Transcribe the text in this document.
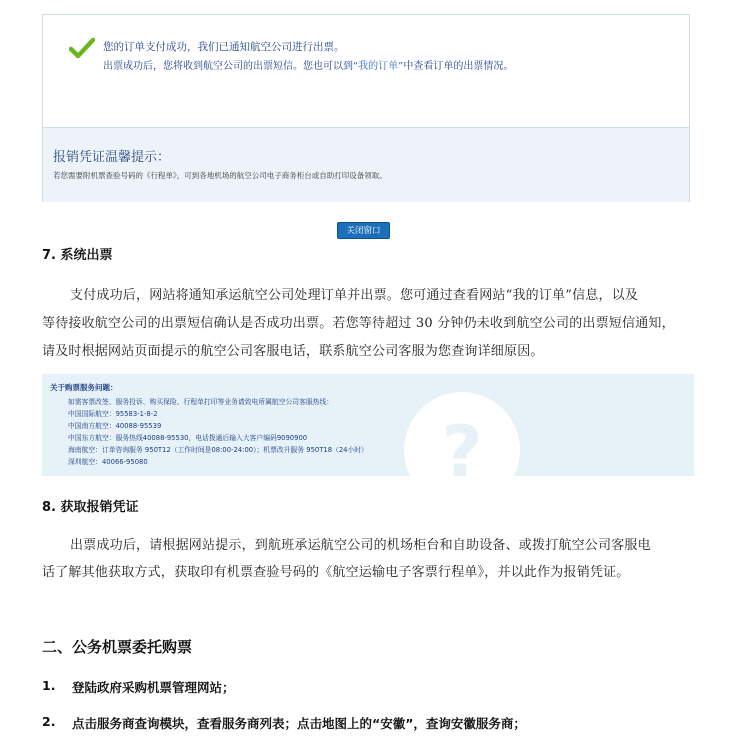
您的订单支付成功，我们已通知航空公司进行出票。
出票成功后，您将收到航空公司的出票短信。您也可以到“我的订单”中查看订单的出票情况。
报销凭证温馨提示：
若您需要附机票查验号码的《行程单》，可到各地机场的航空公司电子商务柜台或自助打印设备领取。
关闭窗口
7. 系统出票
支付成功后，网站将通知承运航空公司处理订单并出票。您可通过查看网站“我的订单”信息，以及
等待接收航空公司的出票短信确认是否成功出票。若您等待超过 30 分钟仍未收到航空公司的出票短信通知，
请及时根据网站页面提示的航空公司客服电话，联系航空公司客服为您查询详细原因。
?
关于购票服务问题：
如需客票改签、服务投诉、购买保险、行程单打印等业务请致电所属航空公司客服热线：
中国国际航空：95583-1-8-2
中国南方航空：40088-95539
中国东方航空：服务热线40088-95530，电话拨通后输入大客户编码9090900
海南航空：订单咨询服务 950T12（工作时间是08:00-24:00）；机票改升服务 950T18（24小时）
深圳航空：40066-95080
8. 获取报销凭证
出票成功后，请根据网站提示，到航班承运航空公司的机场柜台和自助设备、或拨打航空公司客服电
话了解其他获取方式，获取印有机票查验号码的《航空运输电子客票行程单》，并以此作为报销凭证。
二、公务机票委托购票
1. 登陆政府采购机票管理网站；
2. 点击服务商查询模块，查看服务商列表；点击地图上的“安徽”，查询安徽服务商；
